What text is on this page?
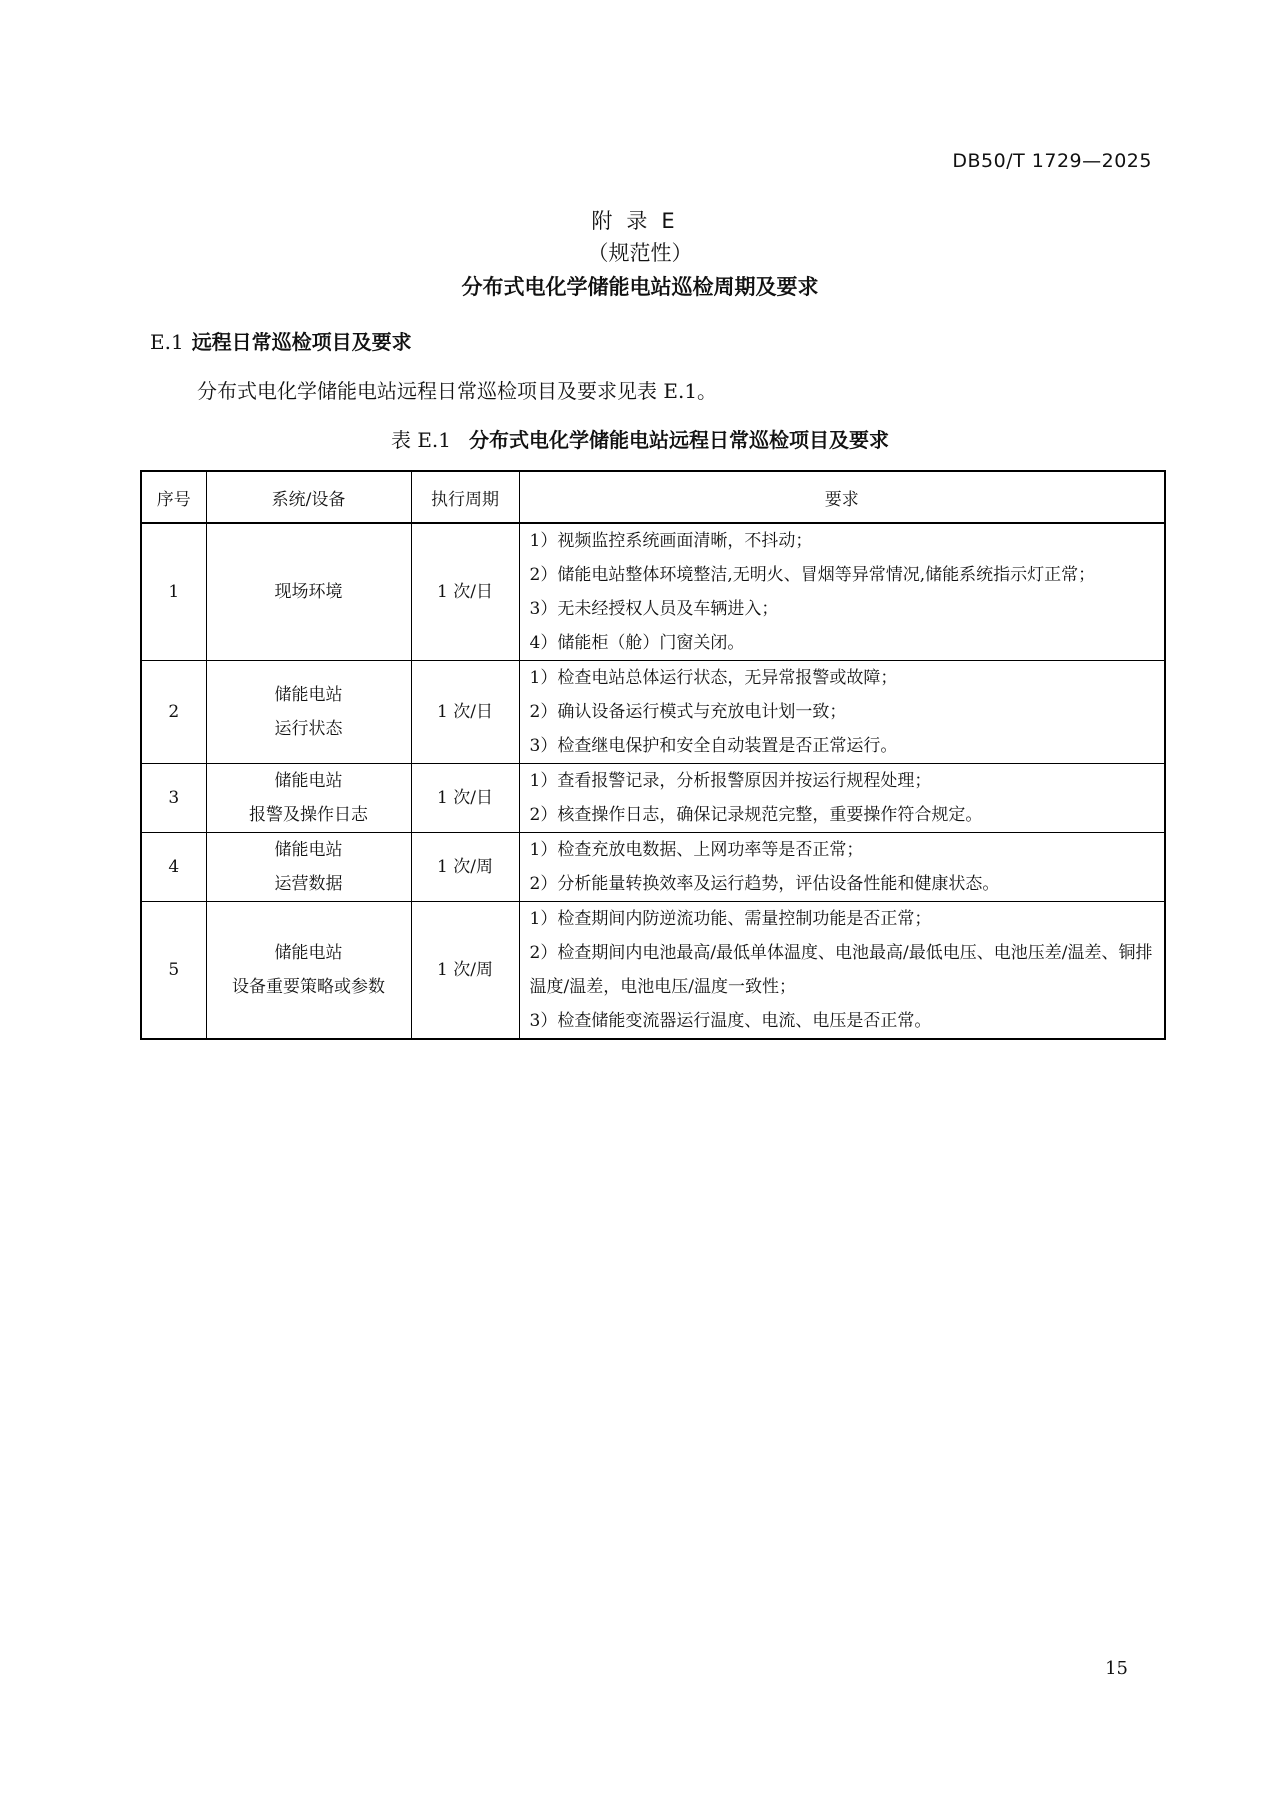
DB50/T 1729—2025
附录E
（规范性）
分布式电化学储能电站巡检周期及要求
E.1 远程日常巡检项目及要求
分布式电化学储能电站远程日常巡检项目及要求见表 E.1。
表 E.1 分布式电化学储能电站远程日常巡检项目及要求
序号	系统/设备	执行周期	要求
1	现场环境	1 次/日	1）视频监控系统画面清晰，不抖动；
2）储能电站整体环境整洁,无明火、冒烟等异常情况,储能系统指示灯正常；
3）无未经授权人员及车辆进入；
4）储能柜（舱）门窗关闭。

2	储能电站
运行状态	1 次/日	1）检查电站总体运行状态，无异常报警或故障；
2）确认设备运行模式与充放电计划一致；
3）检查继电保护和安全自动装置是否正常运行。

3	储能电站
报警及操作日志	1 次/日	1）查看报警记录，分析报警原因并按运行规程处理；
2）核查操作日志，确保记录规范完整，重要操作符合规定。

4	储能电站
运营数据	1 次/周	1）检查充放电数据、上网功率等是否正常；
2）分析能量转换效率及运行趋势，评估设备性能和健康状态。

5	储能电站
设备重要策略或参数	1 次/周	1）检查期间内防逆流功能、需量控制功能是否正常；
2）检查期间内电池最高/最低单体温度、电池最高/最低电压、电池压差/温差、铜排温度/温差，电池电压/温度一致性；
3）检查储能变流器运行温度、电流、电压是否正常。
15
